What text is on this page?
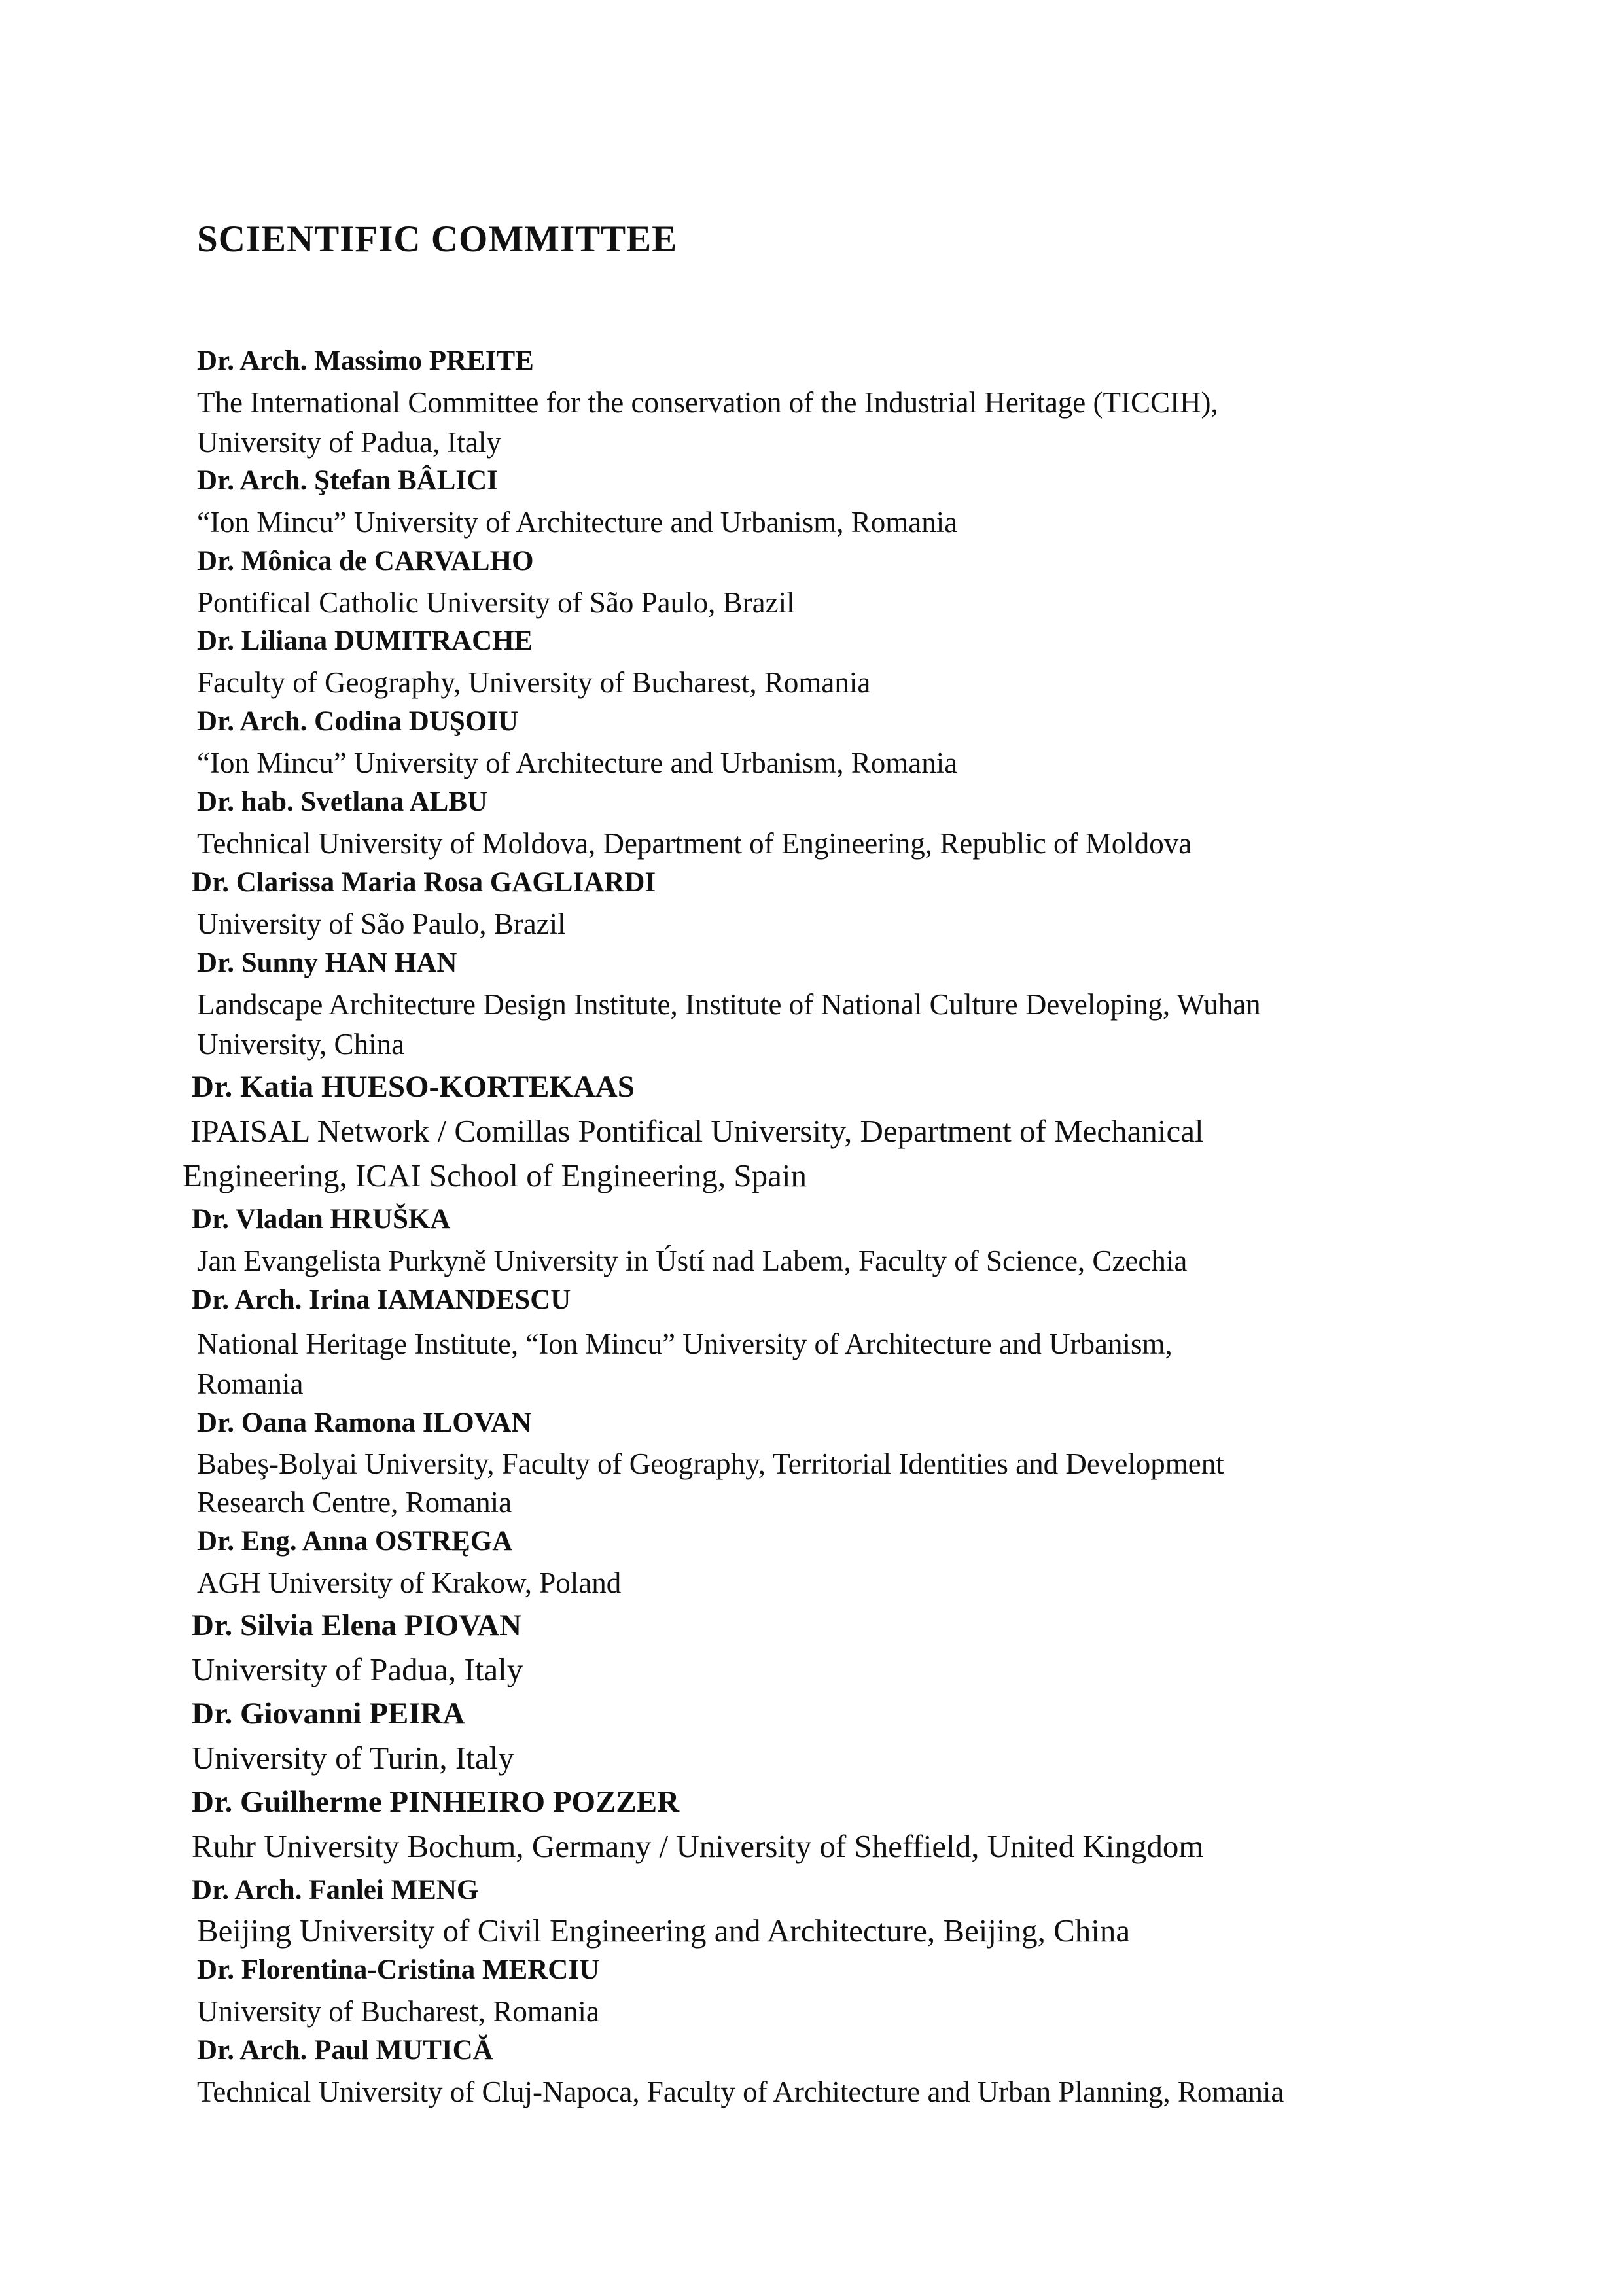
SCIENTIFIC COMMITTEE
Dr. Arch. Massimo PREITE
The International Committee for the conservation of the Industrial Heritage (TICCIH),
University of Padua, Italy
Dr. Arch. Ştefan BÂLICI
“Ion Mincu” University of Architecture and Urbanism, Romania
Dr. Mônica de CARVALHO
Pontifical Catholic University of São Paulo, Brazil
Dr. Liliana DUMITRACHE
Faculty of Geography, University of Bucharest, Romania
Dr. Arch. Codina DUŞOIU
“Ion Mincu” University of Architecture and Urbanism, Romania
Dr. hab. Svetlana ALBU
Technical University of Moldova, Department of Engineering, Republic of Moldova
Dr. Clarissa Maria Rosa GAGLIARDI
University of São Paulo, Brazil
Dr. Sunny HAN HAN
Landscape Architecture Design Institute, Institute of National Culture Developing, Wuhan
University, China
Dr. Katia HUESO-KORTEKAAS
IPAISAL Network / Comillas Pontifical University, Department of Mechanical
Engineering, ICAI School of Engineering, Spain
Dr. Vladan HRUŠKA
Jan Evangelista Purkyně University in Ústí nad Labem, Faculty of Science, Czechia
Dr. Arch. Irina IAMANDESCU
National Heritage Institute, “Ion Mincu” University of Architecture and Urbanism,
Romania
Dr. Oana Ramona ILOVAN
Babeş-Bolyai University, Faculty of Geography, Territorial Identities and Development
Research Centre, Romania
Dr. Eng. Anna OSTRĘGA
AGH University of Krakow, Poland
Dr. Silvia Elena PIOVAN
University of Padua, Italy
Dr. Giovanni PEIRA
University of Turin, Italy
Dr. Guilherme PINHEIRO POZZER
Ruhr University Bochum, Germany / University of Sheffield, United Kingdom
Dr. Arch. Fanlei MENG
Beijing University of Civil Engineering and Architecture, Beijing, China
Dr. Florentina-Cristina MERCIU
University of Bucharest, Romania
Dr. Arch. Paul MUTICĂ
Technical University of Cluj-Napoca, Faculty of Architecture and Urban Planning, Romania
